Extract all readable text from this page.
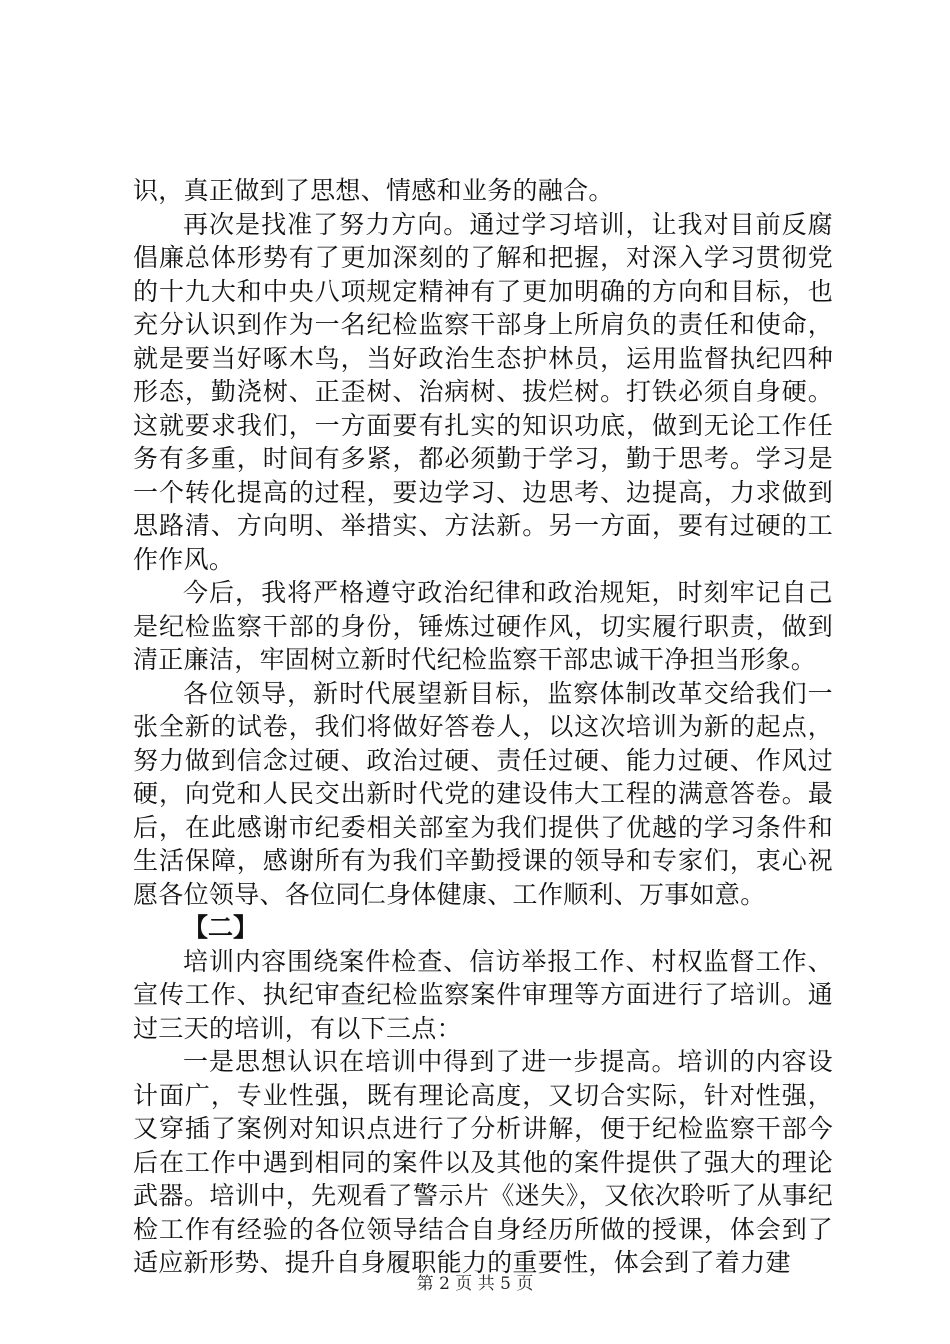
识，真正做到了思想、情感和业务的融合。

再次是找准了努力方向。通过学习培训，让我对目前反腐倡廉总体形势有了更加深刻的了解和把握，对深入学习贯彻党的十九大和中央八项规定精神有了更加明确的方向和目标，也充分认识到作为一名纪检监察干部身上所肩负的责任和使命，就是要当好啄木鸟，当好政治生态护林员，运用监督执纪四种形态，勤浇树、正歪树、治病树、拔烂树。打铁必须自身硬。这就要求我们，一方面要有扎实的知识功底，做到无论工作任务有多重，时间有多紧，都必须勤于学习，勤于思考。学习是一个转化提高的过程，要边学习、边思考、边提高，力求做到思路清、方向明、举措实、方法新。另一方面，要有过硬的工作作风。

今后，我将严格遵守政治纪律和政治规矩，时刻牢记自己是纪检监察干部的身份，锤炼过硬作风，切实履行职责，做到清正廉洁，牢固树立新时代纪检监察干部忠诚干净担当形象。

各位领导，新时代展望新目标，监察体制改革交给我们一张全新的试卷，我们将做好答卷人，以这次培训为新的起点，努力做到信念过硬、政治过硬、责任过硬、能力过硬、作风过硬，向党和人民交出新时代党的建设伟大工程的满意答卷。最后，在此感谢市纪委相关部室为我们提供了优越的学习条件和生活保障，感谢所有为我们辛勤授课的领导和专家们，衷心祝愿各位领导、各位同仁身体健康、工作顺利、万事如意。

【二】

培训内容围绕案件检查、信访举报工作、村权监督工作、宣传工作、执纪审查纪检监察案件审理等方面进行了培训。通过三天的培训，有以下三点：

一是思想认识在培训中得到了进一步提高。培训的内容设计面广，专业性强，既有理论高度，又切合实际，针对性强，又穿插了案例对知识点进行了分析讲解，便于纪检监察干部今后在工作中遇到相同的案件以及其他的案件提供了强大的理论武器。培训中，先观看了警示片《迷失》，又依次聆听了从事纪检工作有经验的各位领导结合自身经历所做的授课，体会到了适应新形势、提升自身履职能力的重要性，体会到了着力建

第 2 页 共 5 页
